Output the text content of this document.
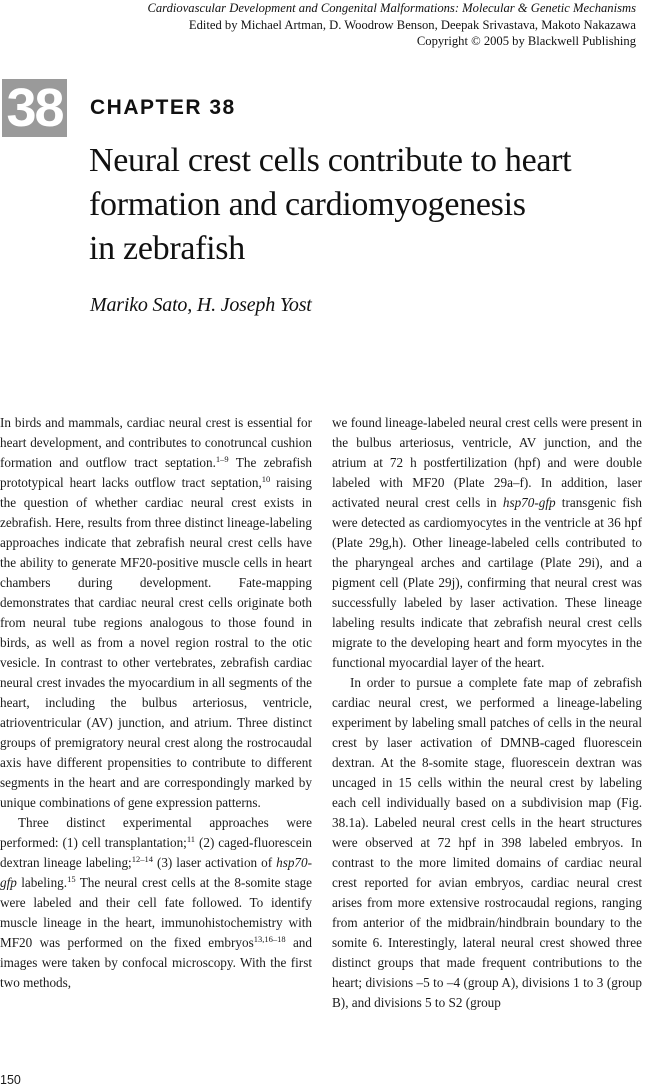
Cardiovascular Development and Congenital Malformations: Molecular & Genetic Mechanisms
Edited by Michael Artman, D. Woodrow Benson, Deepak Srivastava, Makoto Nakazawa
Copyright © 2005 by Blackwell Publishing
38 CHAPTER 38
Neural crest cells contribute to heart
formation and cardiomyogenesis
in zebrafish
Mariko Sato, H. Joseph Yost

In birds and mammals, cardiac neural crest is essential for heart development, and contributes to conotruncal cushion formation and outflow tract septation.$^{1-9}$ The zebrafish prototypical heart lacks outflow tract septation,$^{10}$ raising the question of whether cardiac neural crest exists in zebrafish. Here, results from three distinct lineage-labeling approaches indicate that zebrafish neural crest cells have the ability to generate MF20-positive muscle cells in heart chambers during development. Fate-mapping demonstrates that cardiac neural crest cells originate both from neural tube regions analogous to those found in birds, as well as from a novel region rostral to the otic vesicle. In contrast to other vertebrates, zebrafish cardiac neural crest invades the myocardium in all segments of the heart, including the bulbus arteriosus, ventricle, atrioventricular (AV) junction, and atrium. Three distinct groups of premigratory neural crest along the rostrocaudal axis have different propensities to contribute to different segments in the heart and are correspondingly marked by unique combinations of gene expression patterns.

Three distinct experimental approaches were performed: (1) cell transplantation;$^{11}$ (2) caged-fluorescein dextran lineage labeling;$^{12-14}$ (3) laser activation of hsp70-gfp labeling.$^{15}$ The neural crest cells at the 8-somite stage were labeled and their cell fate followed. To identify muscle lineage in the heart, immunohistochemistry with MF20 was performed on the fixed embryos$^{13,16-18}$ and images were taken by confocal microscopy. With the first two methods,

we found lineage-labeled neural crest cells were present in the bulbus arteriosus, ventricle, AV junction, and the atrium at 72 h postfertilization (hpf) and were double labeled with MF20 (Plate 29a–f). In addition, laser activated neural crest cells in hsp70-gfp transgenic fish were detected as cardiomyocytes in the ventricle at 36 hpf (Plate 29g,h). Other lineage-labeled cells contributed to the pharyngeal arches and cartilage (Plate 29i), and a pigment cell (Plate 29j), confirming that neural crest was successfully labeled by laser activation. These lineage labeling results indicate that zebrafish neural crest cells migrate to the developing heart and form myocytes in the functional myocardial layer of the heart.

In order to pursue a complete fate map of zebrafish cardiac neural crest, we performed a lineage-labeling experiment by labeling small patches of cells in the neural crest by laser activation of DMNB-caged fluorescein dextran. At the 8-somite stage, fluorescein dextran was uncaged in 15 cells within the neural crest by labeling each cell individually based on a subdivision map (Fig. 38.1a). Labeled neural crest cells in the heart structures were observed at 72 hpf in 398 labeled embryos. In contrast to the more limited domains of cardiac neural crest reported for avian embryos, cardiac neural crest arises from more extensive rostrocaudal regions, ranging from anterior of the midbrain/hindbrain boundary to the somite 6. Interestingly, lateral neural crest showed three distinct groups that made frequent contributions to the heart; divisions –5 to –4 (group A), divisions 1 to 3 (group B), and divisions 5 to S2 (group

150
